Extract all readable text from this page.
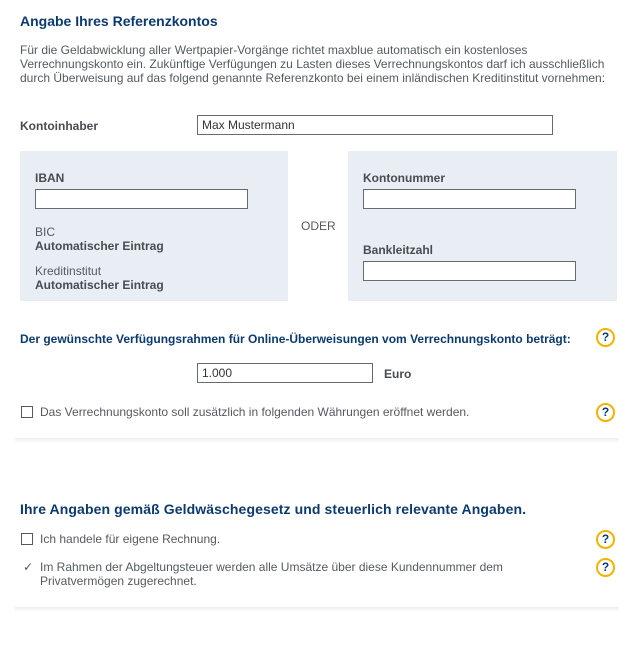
Angabe Ihres Referenzkontos

Für die Geldabwicklung aller Wertpapier-Vorgänge richtet maxblue automatisch ein kostenloses

Verrechnungskonto ein. Zukünftige Verfügungen zu Lasten dieses Verrechnungskontos darf ich ausschließlich

durch Überweisung auf das folgend genannte Referenzkonto bei einem inländischen Kreditinstitut vornehmen:

Kontoinhaber	Max Mustermann
IBAN
BIC
Automatischer Eintrag
Kreditinstitut
Automatischer Eintrag
ODER
Kontonummer
Bankleitzahl
Der gewünschte Verfügungsrahmen für Online-Überweisungen vom Verrechnungskonto beträgt:	?
1.000	Euro
Das Verrechnungskonto soll zusätzlich in folgenden Währungen eröffnet werden.	?
Ihre Angaben gemäß Geldwäschegesetz und steuerlich relevante Angaben.
Ich handele für eigene Rechnung.	?
✓ Im Rahmen der Abgeltungsteuer werden alle Umsätze über diese Kundennummer dem
Privatvermögen zugerechnet.
?
